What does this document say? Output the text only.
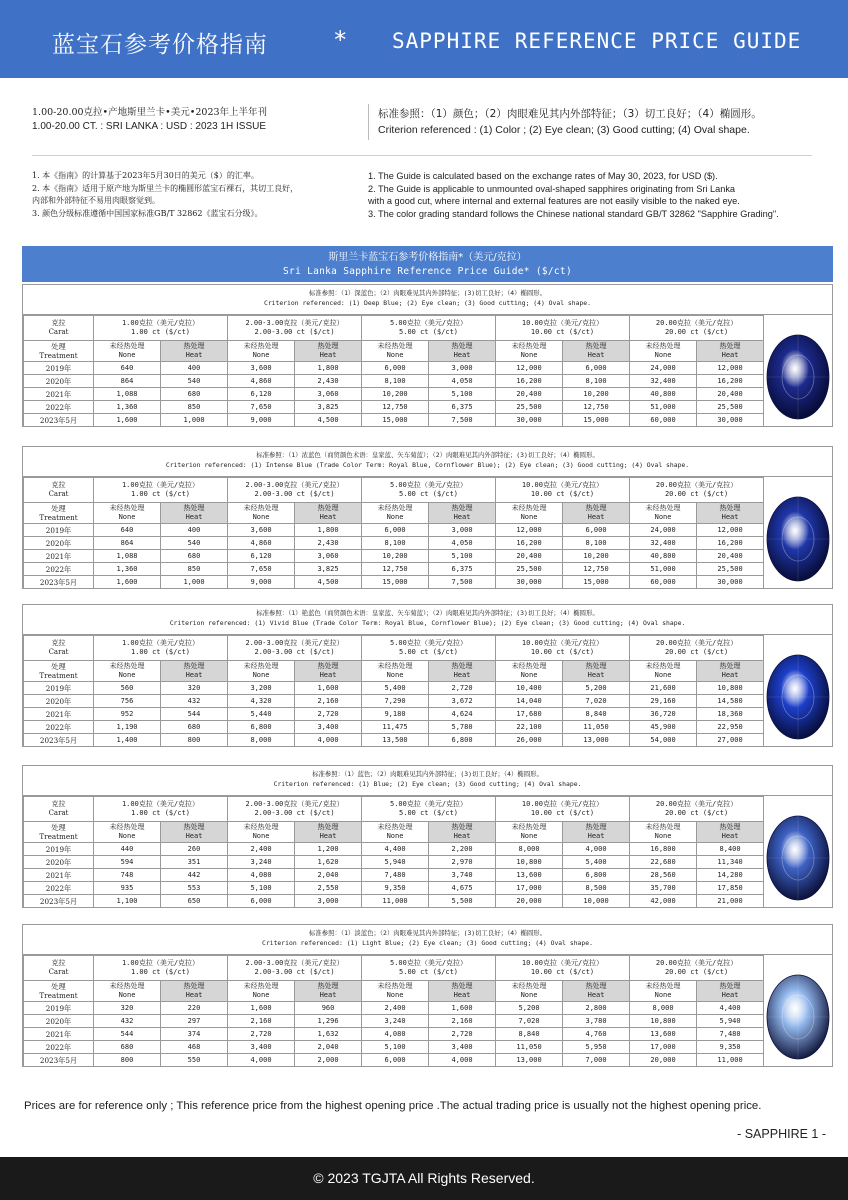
蓝宝石参考价格指南	* SAPPHIRE REFERENCE PRICE GUIDE
1.00-20.00克拉•产地斯里兰卡•美元•2023年上半年刊
1.00-20.00 CT. : SRI LANKA : USD : 2023 1H ISSUE
标准参照：（1）颜色；（2）肉眼难见其内外部特征；（3）切工良好；（4）椭圆形。
Criterion referenced : (1) Color ; (2) Eye clean; (3) Good cutting; (4) Oval shape.
1. 本《指南》的计算基于2023年5月30日的美元（$）的汇率。
2. 本《指南》适用于原产地为斯里兰卡的椭圆形蓝宝石裸石，其切工良好，
内部和外部特征不易用肉眼察觉到。
3. 颜色分级标准遵循中国国家标准GB/T 32862《蓝宝石分级》。
1. The Guide is calculated based on the exchange rates of May 30, 2023, for USD ($).
2. The Guide is applicable to unmounted oval-shaped sapphires originating from Sri Lanka
with a good cut, where internal and external features are not easily visible to the naked eye.
3. The color grading standard follows the Chinese national standard GB/T 32862 "Sapphire Grading".
斯里兰卡蓝宝石参考价格指南*（美元/克拉）
Sri Lanka Sapphire Reference Price Guide* ($/ct)
标准参照：（1）深蓝色；（2）肉眼难见其内外部特征；(3)切工良好；（4）椭圆形。
Criterion referenced: (1) Deep Blue; (2) Eye clean; (3) Good cutting; (4) Oval shape.
克拉
Carat	1.00克拉（美元/克拉）
1.00 ct ($/ct)		2.00-3.00克拉（美元/克拉）
2.00-3.00 ct ($/ct)		5.00克拉（美元/克拉）
5.00 ct ($/ct)		10.00克拉（美元/克拉）
10.00 ct ($/ct)		20.00克拉（美元/克拉）
20.00 ct ($/ct)	
处理
Treatment	未经热处理
None	热处理
Heat	未经热处理
None	热处理
Heat	未经热处理
None	热处理
Heat	未经热处理
None	热处理
Heat	未经热处理
None	热处理
Heat
2019年	640	400	3,600	1,800	6,000	3,000	12,000	6,000	24,000	12,000
2020年	864	540	4,860	2,430	8,100	4,050	16,200	8,100	32,400	16,200
2021年	1,088	680	6,120	3,060	10,200	5,100	20,400	10,200	40,800	20,400
2022年	1,360	850	7,650	3,825	12,750	6,375	25,500	12,750	51,000	25,500
2023年5月	1,600	1,000	9,000	4,500	15,000	7,500	30,000	15,000	60,000	30,000
标准参照：（1）浓蓝色（商贸颜色术语：皇家蓝、矢车菊蓝）；（2）肉眼难见其内外部特征；(3)切工良好；（4）椭圆形。
Criterion referenced: (1) Intense Blue (Trade Color Term: Royal Blue, Cornflower Blue); (2) Eye clean; (3) Good cutting; (4) Oval shape.
克拉
Carat	1.00克拉（美元/克拉）
1.00 ct ($/ct)		2.00-3.00克拉（美元/克拉）
2.00-3.00 ct ($/ct)		5.00克拉（美元/克拉）
5.00 ct ($/ct)		10.00克拉（美元/克拉）
10.00 ct ($/ct)		20.00克拉（美元/克拉）
20.00 ct ($/ct)	
处理
Treatment	未经热处理
None	热处理
Heat	未经热处理
None	热处理
Heat	未经热处理
None	热处理
Heat	未经热处理
None	热处理
Heat	未经热处理
None	热处理
Heat
2019年	640	400	3,600	1,800	6,000	3,000	12,000	6,000	24,000	12,000
2020年	864	540	4,860	2,430	8,100	4,050	16,200	8,100	32,400	16,200
2021年	1,088	680	6,120	3,060	10,200	5,100	20,400	10,200	40,800	20,400
2022年	1,360	850	7,650	3,825	12,750	6,375	25,500	12,750	51,000	25,500
2023年5月	1,600	1,000	9,000	4,500	15,000	7,500	30,000	15,000	60,000	30,000
标准参照：（1）艳蓝色（商贸颜色术语：皇家蓝、矢车菊蓝）；（2）肉眼难见其内外部特征；(3)切工良好；（4）椭圆形。
Criterion referenced: (1) Vivid Blue (Trade Color Term: Royal Blue, Cornflower Blue); (2) Eye clean; (3) Good cutting; (4) Oval shape.
克拉
Carat	1.00克拉（美元/克拉）
1.00 ct ($/ct)		2.00-3.00克拉（美元/克拉）
2.00-3.00 ct ($/ct)		5.00克拉（美元/克拉）
5.00 ct ($/ct)		10.00克拉（美元/克拉）
10.00 ct ($/ct)		20.00克拉（美元/克拉）
20.00 ct ($/ct)	
处理
Treatment	未经热处理
None	热处理
Heat	未经热处理
None	热处理
Heat	未经热处理
None	热处理
Heat	未经热处理
None	热处理
Heat	未经热处理
None	热处理
Heat
2019年	560	320	3,200	1,600	5,400	2,720	10,400	5,200	21,600	10,800
2020年	756	432	4,320	2,160	7,290	3,672	14,040	7,020	29,160	14,580
2021年	952	544	5,440	2,720	9,180	4,624	17,680	8,840	36,720	18,360
2022年	1,190	680	6,800	3,400	11,475	5,780	22,100	11,050	45,900	22,950
2023年5月	1,400	800	8,000	4,000	13,500	6,800	26,000	13,000	54,000	27,000
标准参照：（1）蓝色；（2）肉眼难见其内外部特征；(3)切工良好；（4）椭圆形。
Criterion referenced: (1) Blue; (2) Eye clean; (3) Good cutting; (4) Oval shape.
克拉
Carat	1.00克拉（美元/克拉）
1.00 ct ($/ct)		2.00-3.00克拉（美元/克拉）
2.00-3.00 ct ($/ct)		5.00克拉（美元/克拉）
5.00 ct ($/ct)		10.00克拉（美元/克拉）
10.00 ct ($/ct)		20.00克拉（美元/克拉）
20.00 ct ($/ct)	
处理
Treatment	未经热处理
None	热处理
Heat	未经热处理
None	热处理
Heat	未经热处理
None	热处理
Heat	未经热处理
None	热处理
Heat	未经热处理
None	热处理
Heat
2019年	440	260	2,400	1,200	4,400	2,200	8,000	4,000	16,800	8,400
2020年	594	351	3,240	1,620	5,940	2,970	10,800	5,400	22,680	11,340
2021年	748	442	4,080	2,040	7,480	3,740	13,600	6,800	28,560	14,280
2022年	935	553	5,100	2,550	9,350	4,675	17,000	8,500	35,700	17,850
2023年5月	1,100	650	6,000	3,000	11,000	5,500	20,000	10,000	42,000	21,000
标准参照：（1）淡蓝色；（2）肉眼难见其内外部特征；(3)切工良好；（4）椭圆形。
Criterion referenced: (1) Light Blue; (2) Eye clean; (3) Good cutting; (4) Oval shape.
克拉
Carat	1.00克拉（美元/克拉）
1.00 ct ($/ct)		2.00-3.00克拉（美元/克拉）
2.00-3.00 ct ($/ct)		5.00克拉（美元/克拉）
5.00 ct ($/ct)		10.00克拉（美元/克拉）
10.00 ct ($/ct)		20.00克拉（美元/克拉）
20.00 ct ($/ct)	
处理
Treatment	未经热处理
None	热处理
Heat	未经热处理
None	热处理
Heat	未经热处理
None	热处理
Heat	未经热处理
None	热处理
Heat	未经热处理
None	热处理
Heat
2019年	320	220	1,600	960	2,400	1,600	5,200	2,800	8,000	4,400
2020年	432	297	2,160	1,296	3,240	2,160	7,020	3,780	10,800	5,940
2021年	544	374	2,720	1,632	4,080	2,720	8,840	4,760	13,600	7,480
2022年	680	468	3,400	2,040	5,100	3,400	11,050	5,950	17,000	9,350
2023年5月	800	550	4,000	2,000	6,000	4,000	13,000	7,000	20,000	11,000
Prices are for reference only ; This reference price from the highest opening price .The actual trading price is usually not the highest opening price.
- SAPPHIRE 1 -
© 2023 TGJTA All Rights Reserved.
